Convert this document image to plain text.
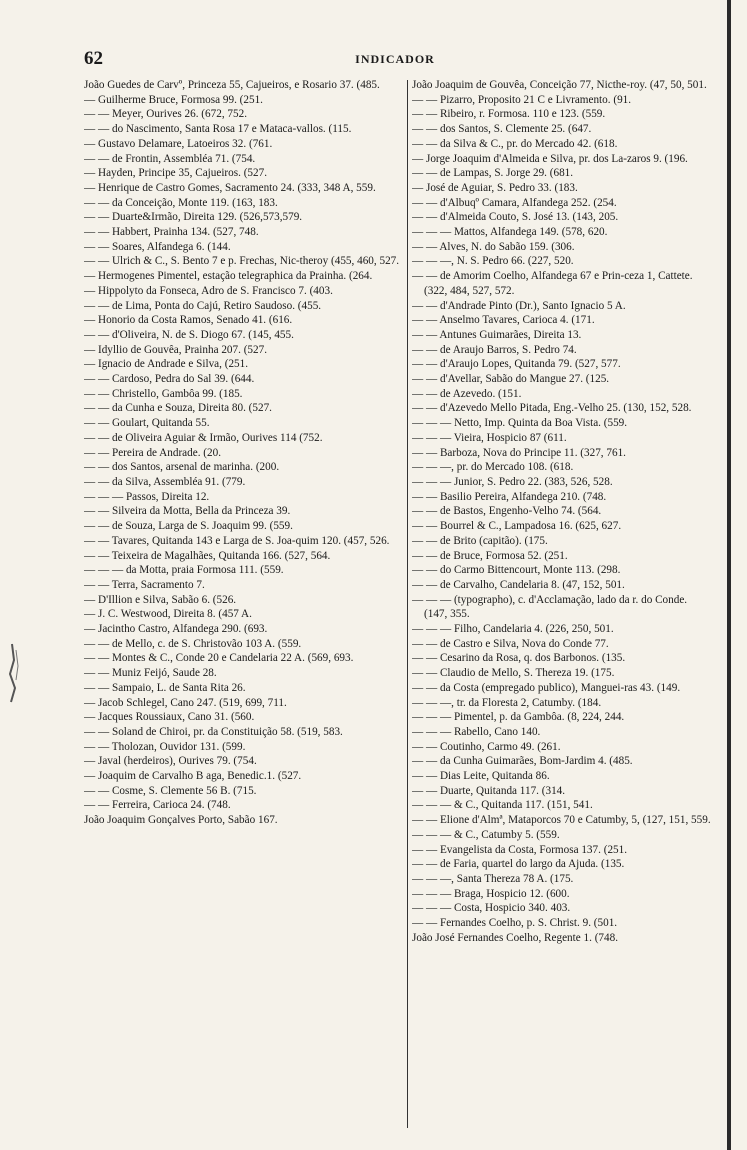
62	INDICADOR

João Guedes de Carvº, Princeza 55, Cajueiros, e Rosario 37. (485.

— Guilherme Bruce, Formosa 99. (251.

— — Meyer, Ourives 26. (672, 752.

— — do Nascimento, Santa Rosa 17 e Mataca-vallos. (115.

— Gustavo Delamare, Latoeiros 32. (761.

— — de Frontin, Assembléa 71. (754.

— Hayden, Principe 35, Cajueiros. (527.

— Henrique de Castro Gomes, Sacramento 24. (333, 348 A, 559.

— — da Conceição, Monte 119. (163, 183.

— — Duarte&Irmão, Direita 129. (526,573,579.

— — Habbert, Prainha 134. (527, 748.

— — Soares, Alfandega 6. (144.

— — Ulrich & C., S. Bento 7 e p. Frechas, Nic-theroy (455, 460, 527.

— Hermogenes Pimentel, estação telegraphica da Prainha. (264.

— Hippolyto da Fonseca, Adro de S. Francisco 7. (403.

— — de Lima, Ponta do Cajú, Retiro Saudoso. (455.

— Honorio da Costa Ramos, Senado 41. (616.

— — d'Oliveira, N. de S. Diogo 67. (145, 455.

— Idyllio de Gouvêa, Prainha 207. (527.

— Ignacio de Andrade e Silva, (251.

— — Cardoso, Pedra do Sal 39. (644.

— — Christello, Gambôa 99. (185.

— — da Cunha e Souza, Direita 80. (527.

— — Goulart, Quitanda 55.

— — de Oliveira Aguiar & Irmão, Ourives 114 (752.

— — Pereira de Andrade. (20.

— — dos Santos, arsenal de marinha. (200.

— — da Silva, Assembléa 91. (779.

— — — Passos, Direita 12.

— — Silveira da Motta, Bella da Princeza 39.

— — de Souza, Larga de S. Joaquim 99. (559.

— — Tavares, Quitanda 143 e Larga de S. Joa-quim 120. (457, 526.

— — Teixeira de Magalhães, Quitanda 166. (527, 564.

— — — da Motta, praia Formosa 111. (559.

— — Terra, Sacramento 7.

— D'Illion e Silva, Sabão 6. (526.

— J. C. Westwood, Direita 8. (457 A.

— Jacintho Castro, Alfandega 290. (693.

— — de Mello, c. de S. Christovão 103 A. (559.

— — Montes & C., Conde 20 e Candelaria 22 A. (569, 693.

— — Muniz Feijó, Saude 28.

— — Sampaio, L. de Santa Rita 26.

— Jacob Schlegel, Cano 247. (519, 699, 711.

— Jacques Roussiaux, Cano 31. (560.

— — Soland de Chiroi, pr. da Constituição 58. (519, 583.

— — Tholozan, Ouvidor 131. (599.

— Javal (herdeiros), Ourives 79. (754.

— Joaquim de Carvalho B aga, Benedic.1. (527.

— — Cosme, S. Clemente 56 B. (715.

— — Ferreira, Carioca 24. (748.

João Joaquim Gonçalves Porto, Sabão 167.

João Joaquim de Gouvêa, Conceição 77, Nicthe-roy. (47, 50, 501.

— — Pizarro, Proposito 21 C e Livramento. (91.

— — Ribeiro, r. Formosa. 110 e 123. (559.

— — dos Santos, S. Clemente 25. (647.

— — da Silva & C., pr. do Mercado 42. (618.

— Jorge Joaquim d'Almeida e Silva, pr. dos La-zaros 9. (196.

— — de Lampas, S. Jorge 29. (681.

— José de Aguiar, S. Pedro 33. (183.

— — d'Albuqº Camara, Alfandega 252. (254.

— — d'Almeida Couto, S. José 13. (143, 205.

— — — Mattos, Alfandega 149. (578, 620.

— — Alves, N. do Sabão 159. (306.

— — —, N. S. Pedro 66. (227, 520.

— — de Amorim Coelho, Alfandega 67 e Prin-ceza 1, Cattete. (322, 484, 527, 572.

— — d'Andrade Pinto (Dr.), Santo Ignacio 5 A.

— — Anselmo Tavares, Carioca 4. (171.

— — Antunes Guimarães, Direita 13.

— — de Araujo Barros, S. Pedro 74.

— — d'Araujo Lopes, Quitanda 79. (527, 577.

— — d'Avellar, Sabão do Mangue 27. (125.

— — de Azevedo. (151.

— — d'Azevedo Mello Pitada, Eng.-Velho 25. (130, 152, 528.

— — — Netto, Imp. Quinta da Boa Vista. (559.

— — — Vieira, Hospicio 87 (611.

— — Barboza, Nova do Principe 11. (327, 761.

— — —, pr. do Mercado 108. (618.

— — — Junior, S. Pedro 22. (383, 526, 528.

— — Basilio Pereira, Alfandega 210. (748.

— — de Bastos, Engenho-Velho 74. (564.

— — Bourrel & C., Lampadosa 16. (625, 627.

— — de Brito (capitão). (175.

— — de Bruce, Formosa 52. (251.

— — do Carmo Bittencourt, Monte 113. (298.

— — de Carvalho, Candelaria 8. (47, 152, 501.

— — — (typographo), c. d'Acclamação, lado da r. do Conde. (147, 355.

— — — Filho, Candelaria 4. (226, 250, 501.

— — de Castro e Silva, Nova do Conde 77.

— — Cesarino da Rosa, q. dos Barbonos. (135.

— — Claudio de Mello, S. Thereza 19. (175.

— — da Costa (empregado publico), Manguei-ras 43. (149.

— — —, tr. da Floresta 2, Catumby. (184.

— — — Pimentel, p. da Gambôa. (8, 224, 244.

— — — Rabello, Cano 140.

— — Coutinho, Carmo 49. (261.

— — da Cunha Guimarães, Bom-Jardim 4. (485.

— — Dias Leite, Quitanda 86.

— — Duarte, Quitanda 117. (314.

— — — & C., Quitanda 117. (151, 541.

— — Elione d'Almª, Mataporcos 70 e Catumby, 5, (127, 151, 559.

— — — & C., Catumby 5. (559.

— — Evangelista da Costa, Formosa 137. (251.

— — de Faria, quartel do largo da Ajuda. (135.

— — —, Santa Thereza 78 A. (175.

— — — Braga, Hospicio 12. (600.

— — — Costa, Hospicio 340. 403.

— — Fernandes Coelho, p. S. Christ. 9. (501.

João José Fernandes Coelho, Regente 1. (748.
